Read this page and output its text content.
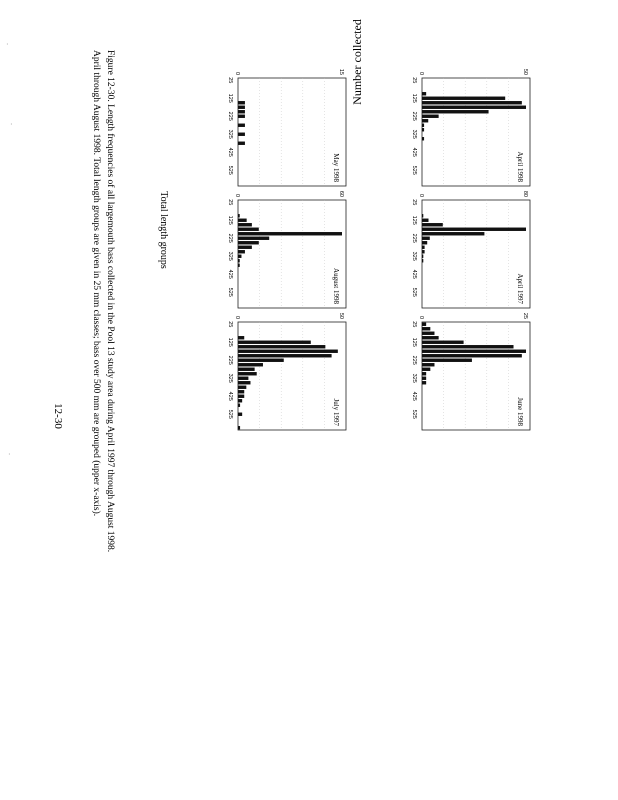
·
·
·
Number collected	25
125
225
325
425
525
0	50
April 1998
25
125
225
325
425
525
0	80
April 1997
25
125
225
325
425
525
0	25
June 1998
25
125
225
325
425
525
0	15
May 1998
25
125
225
325
425
525
0	60
August 1998
25
125
225
325
425
525
0	50
July 1997
Total length groups
Figure 12-30. Length frequencies of all largemouth bass collected in the Pool 13 study area during April 1997 through August 1998.
April through August 1998. Total length groups are given in 25 mm classes; bass over 500 mm are grouped (upper x-axis).
12-30
